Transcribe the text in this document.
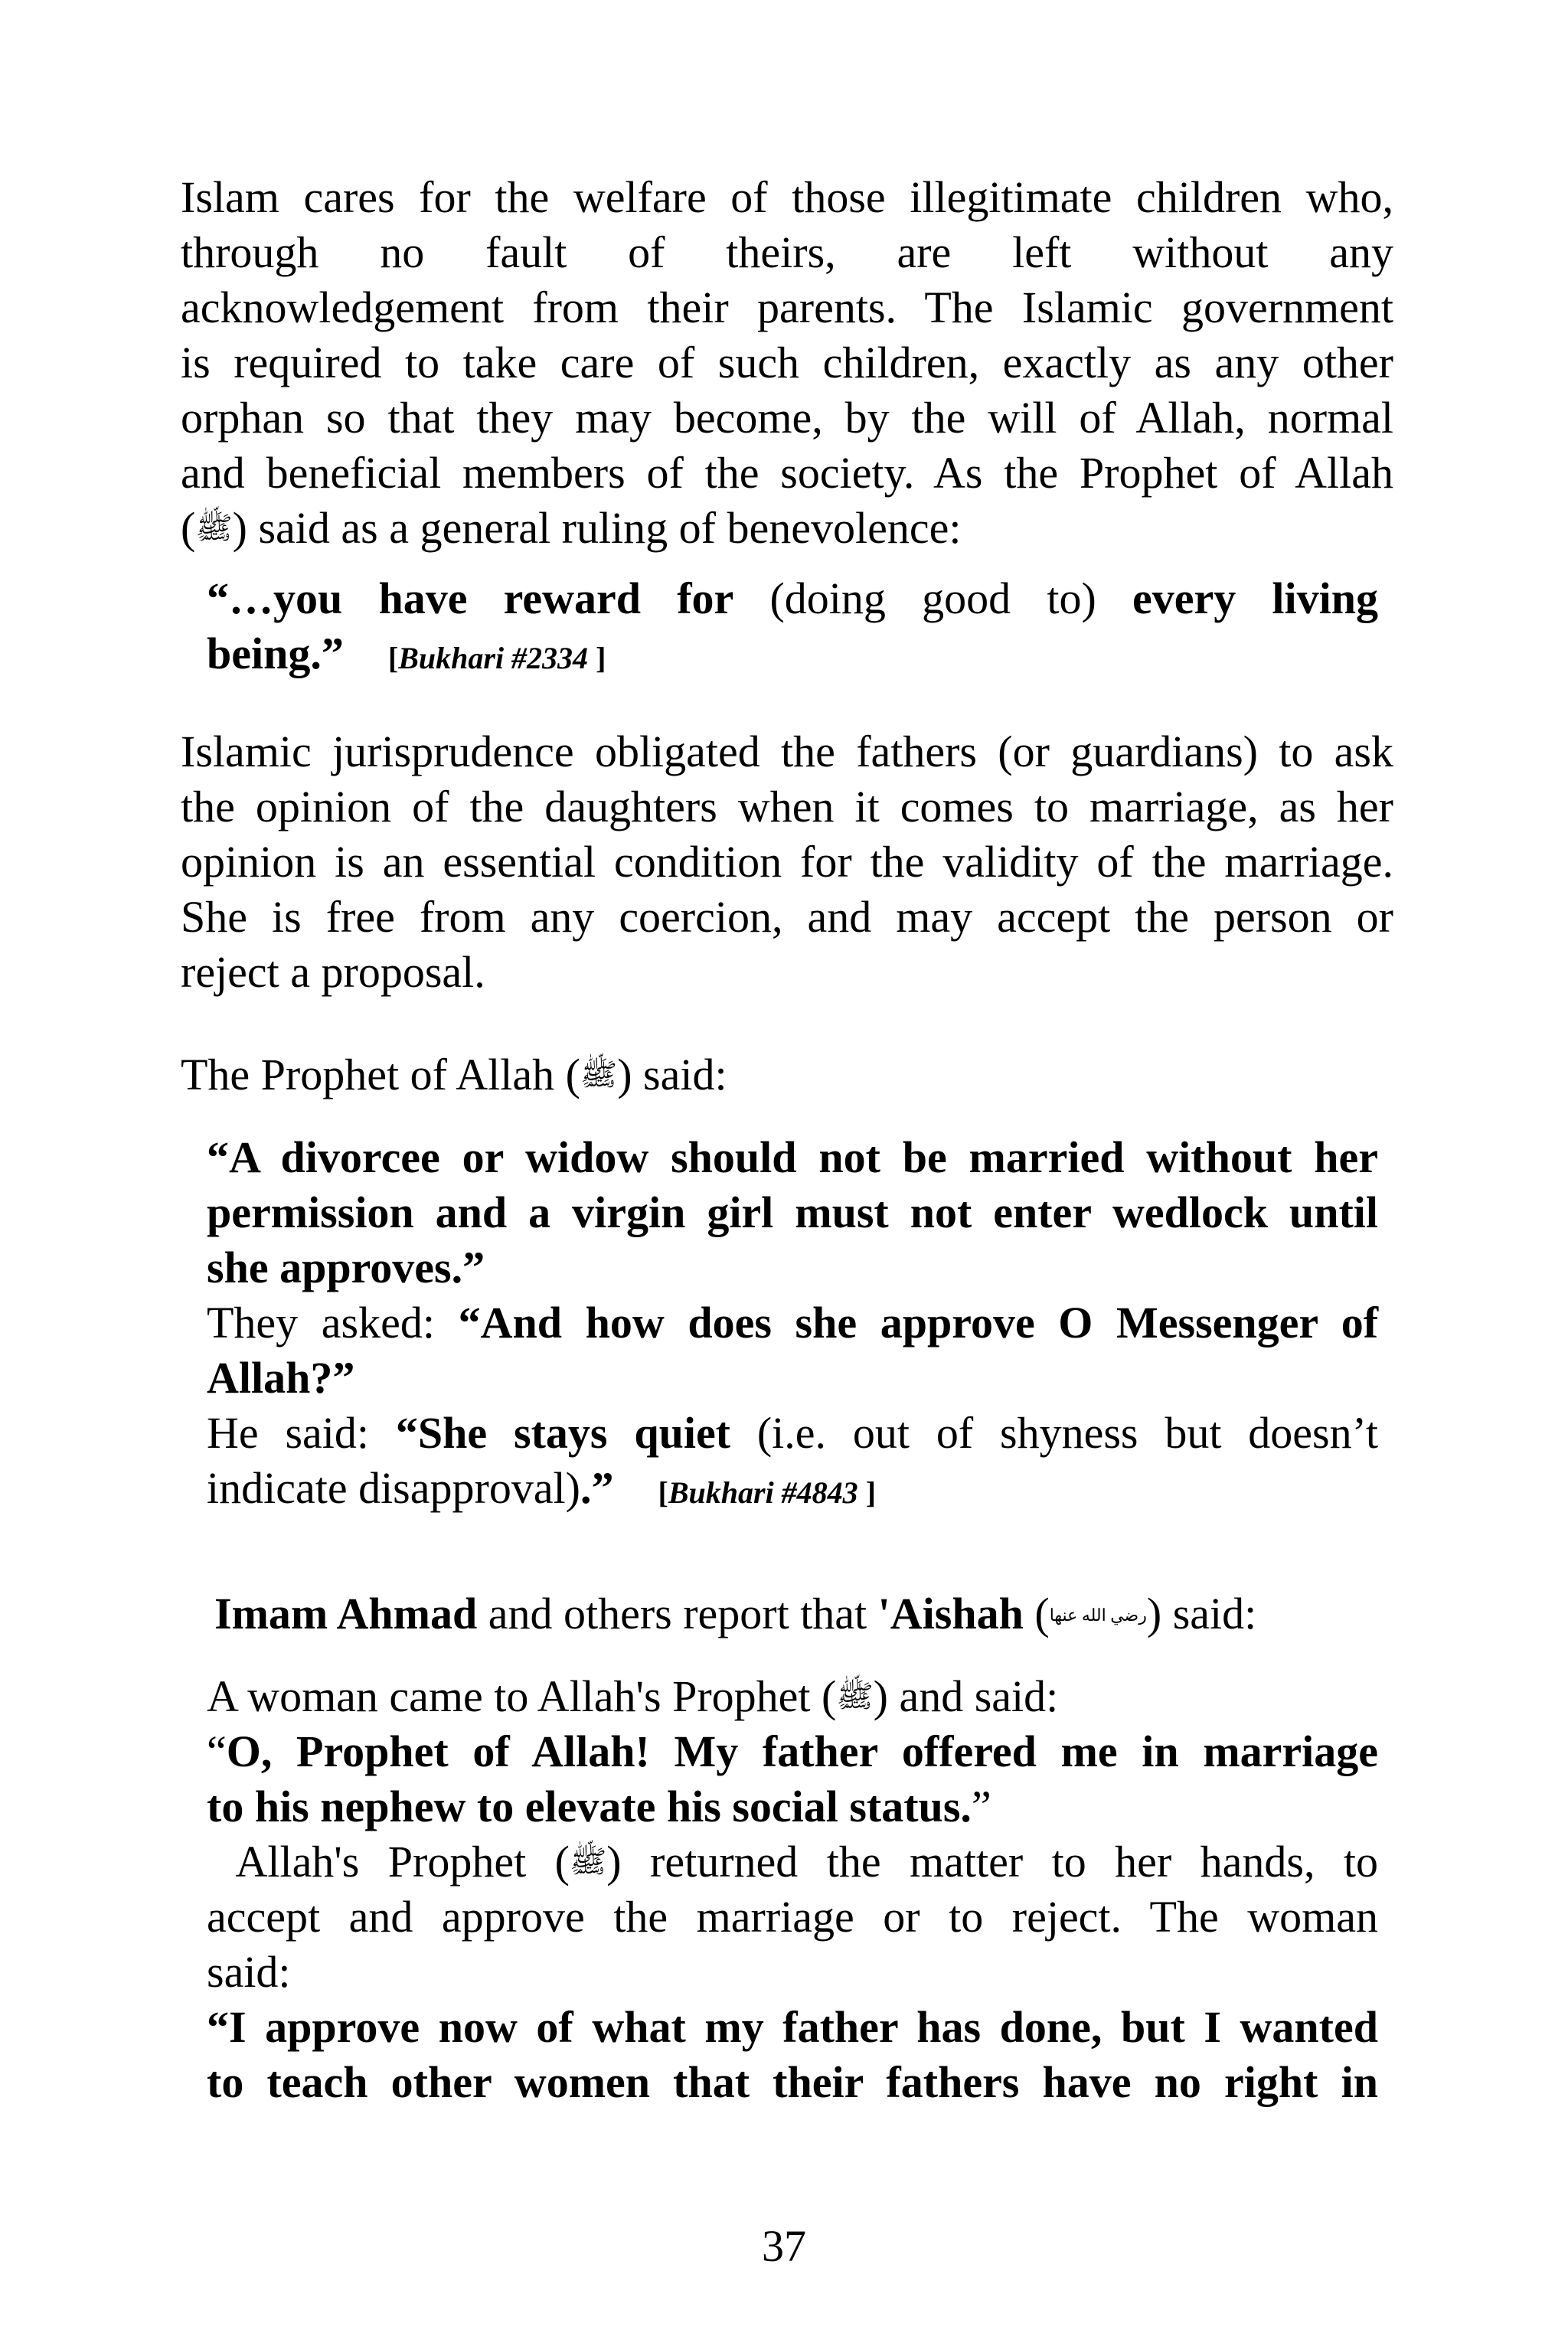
Islam cares for the welfare of those illegitimate children who,
through no fault of theirs, are left without any
acknowledgement from their parents. The Islamic government
is required to take care of such children, exactly as any other
orphan so that they may become, by the will of Allah, normal
and beneficial members of the society. As the Prophet of Allah
(ﷺ) said as a general ruling of benevolence:
“…you have reward for (doing good to) every living
being.” [Bukhari #2334 ]
Islamic jurisprudence obligated the fathers (or guardians) to ask
the opinion of the daughters when it comes to marriage, as her
opinion is an essential condition for the validity of the marriage.
She is free from any coercion, and may accept the person or
reject a proposal.
The Prophet of Allah (ﷺ) said:
“A divorcee or widow should not be married without her
permission and a virgin girl must not enter wedlock until
she approves.”
They asked: “And how does she approve O Messenger of
Allah?”
He said: “She stays quiet (i.e. out of shyness but doesn’t
indicate disapproval).” [Bukhari #4843 ]
Imam Ahmad and others report that 'Aishah (رضي الله عنها) said:
A woman came to Allah's Prophet (ﷺ) and said:
“O, Prophet of Allah! My father offered me in marriage
to his nephew to elevate his social status.”
Allah's Prophet (ﷺ) returned the matter to her hands, to
accept and approve the marriage or to reject. The woman
said:
“I approve now of what my father has done, but I wanted
to teach other women that their fathers have no right in
37
